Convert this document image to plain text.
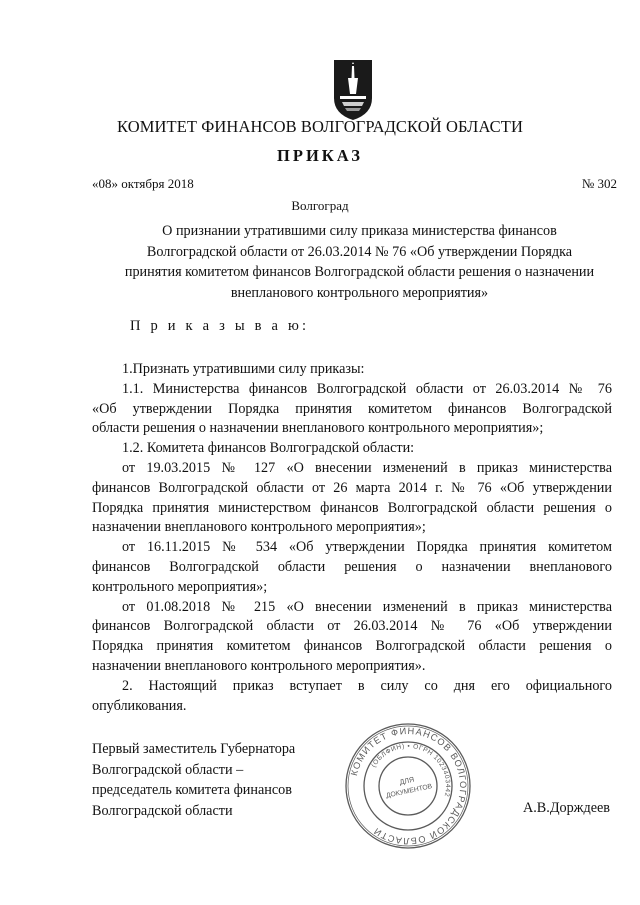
КОМИТЕТ ФИНАНСОВ ВОЛГОГРАДСКОЙ ОБЛАСТИ
ПРИКАЗ
«08» октября 2018	№ 302
Волгоград
О признании утратившими силу приказа министерства финансов
Волгоградской области от 26.03.2014 № 76 «Об утверждении Порядка
принятия комитетом финансов Волгоградской области решения о назначении
внепланового контрольного мероприятия»
П р и к а з ы в а ю:
1.Признать утратившими силу приказы:
1.1. Министерства финансов Волгоградской области от 26.03.2014 № 76
«Об утверждении Порядка принятия комитетом финансов Волгоградской
области решения о назначении внепланового контрольного мероприятия»;
1.2. Комитета финансов Волгоградской области:
от 19.03.2015 № 127 «О внесении изменений в приказ министерства
финансов Волгоградской области от 26 марта 2014 г. № 76 «Об утверждении
Порядка принятия министерством финансов Волгоградской области решения о
назначении внепланового контрольного мероприятия»;
от 16.11.2015 № 534 «Об утверждении Порядка принятия комитетом
финансов Волгоградской области решения о назначении внепланового
контрольного мероприятия»;
от 01.08.2018 № 215 «О внесении изменений в приказ министерства
финансов Волгоградской области от 26.03.2014 № 76 «Об утверждении
Порядка принятия комитетом финансов Волгоградской области решения о
назначении внепланового контрольного мероприятия».
2. Настоящий приказ вступает в силу со дня его официального
опубликования.
КОМИТЕТ ФИНАНСОВ ВОЛГОГРАДСКОЙ ОБЛАСТИ
(ОБЛФИН) • ОГРН 1023403442
ДЛЯ
ДОКУМЕНТОВ
Первый заместитель Губернатора
Волгоградской области –
председатель комитета финансов
Волгоградской области	А.В.Дорждеев
